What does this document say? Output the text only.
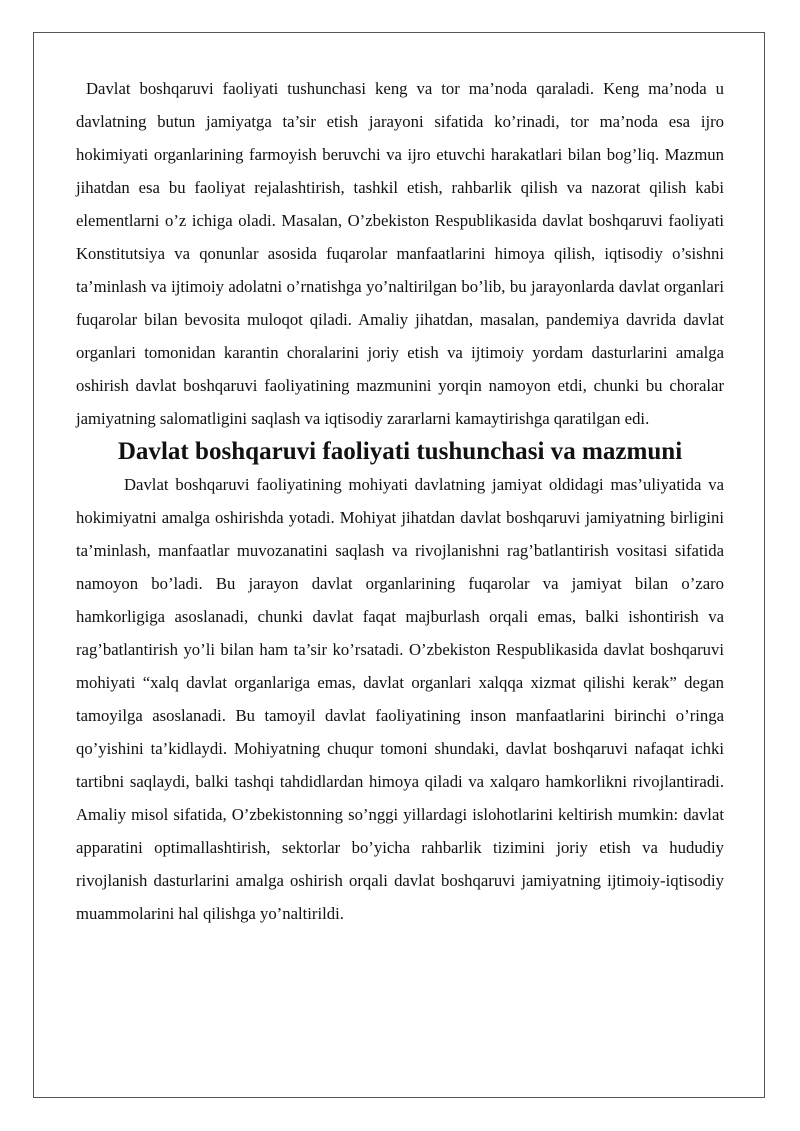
Davlat boshqaruvi faoliyati tushunchasi keng va tor ma’noda qaraladi. Keng ma’noda u davlatning butun jamiyatga ta’sir etish jarayoni sifatida ko’rinadi, tor ma’noda esa ijro hokimiyati organlarining farmoyish beruvchi va ijro etuvchi harakatlari bilan bog’liq. Mazmun jihatdan esa bu faoliyat rejalashtirish, tashkil etish, rahbarlik qilish va nazorat qilish kabi elementlarni o’z ichiga oladi. Masalan, O’zbekiston Respublikasida davlat boshqaruvi faoliyati Konstitutsiya va qonunlar asosida fuqarolar manfaatlarini himoya qilish, iqtisodiy o’sishni ta’minlash va ijtimoiy adolatni o’rnatishga yo’naltirilgan bo’lib, bu jarayonlarda davlat organlari fuqarolar bilan bevosita muloqot qiladi. Amaliy jihatdan, masalan, pandemiya davrida davlat organlari tomonidan karantin choralarini joriy etish va ijtimoiy yordam dasturlarini amalga oshirish davlat boshqaruvi faoliyatining mazmunini yorqin namoyon etdi, chunki bu choralar jamiyatning salomatligini saqlash va iqtisodiy zararlarni kamaytirishga qaratilgan edi.

Davlat boshqaruvi faoliyati tushunchasi va mazmuni

Davlat boshqaruvi faoliyatining mohiyati davlatning jamiyat oldidagi mas’uliyatida va hokimiyatni amalga oshirishda yotadi. Mohiyat jihatdan davlat boshqaruvi jamiyatning birligini ta’minlash, manfaatlar muvozanatini saqlash va rivojlanishni rag’batlantirish vositasi sifatida namoyon bo’ladi. Bu jarayon davlat organlarining fuqarolar va jamiyat bilan o’zaro hamkorligiga asoslanadi, chunki davlat faqat majburlash orqali emas, balki ishontirish va rag’batlantirish yo’li bilan ham ta’sir ko’rsatadi. O’zbekiston Respublikasida davlat boshqaruvi mohiyati “xalq davlat organlariga emas, davlat organlari xalqqa xizmat qilishi kerak” degan tamoyilga asoslanadi. Bu tamoyil davlat faoliyatining inson manfaatlarini birinchi o’ringa qo’yishini ta’kidlaydi. Mohiyatning chuqur tomoni shundaki, davlat boshqaruvi nafaqat ichki tartibni saqlaydi, balki tashqi tahdidlardan himoya qiladi va xalqaro hamkorlikni rivojlantiradi. Amaliy misol sifatida, O’zbekistonning so’nggi yillardagi islohotlarini keltirish mumkin: davlat apparatini optimallashtirish, sektorlar bo’yicha rahbarlik tizimini joriy etish va hududiy rivojlanish dasturlarini amalga oshirish orqali davlat boshqaruvi jamiyatning ijtimoiy-iqtisodiy muammolarini hal qilishga yo’naltirildi.
